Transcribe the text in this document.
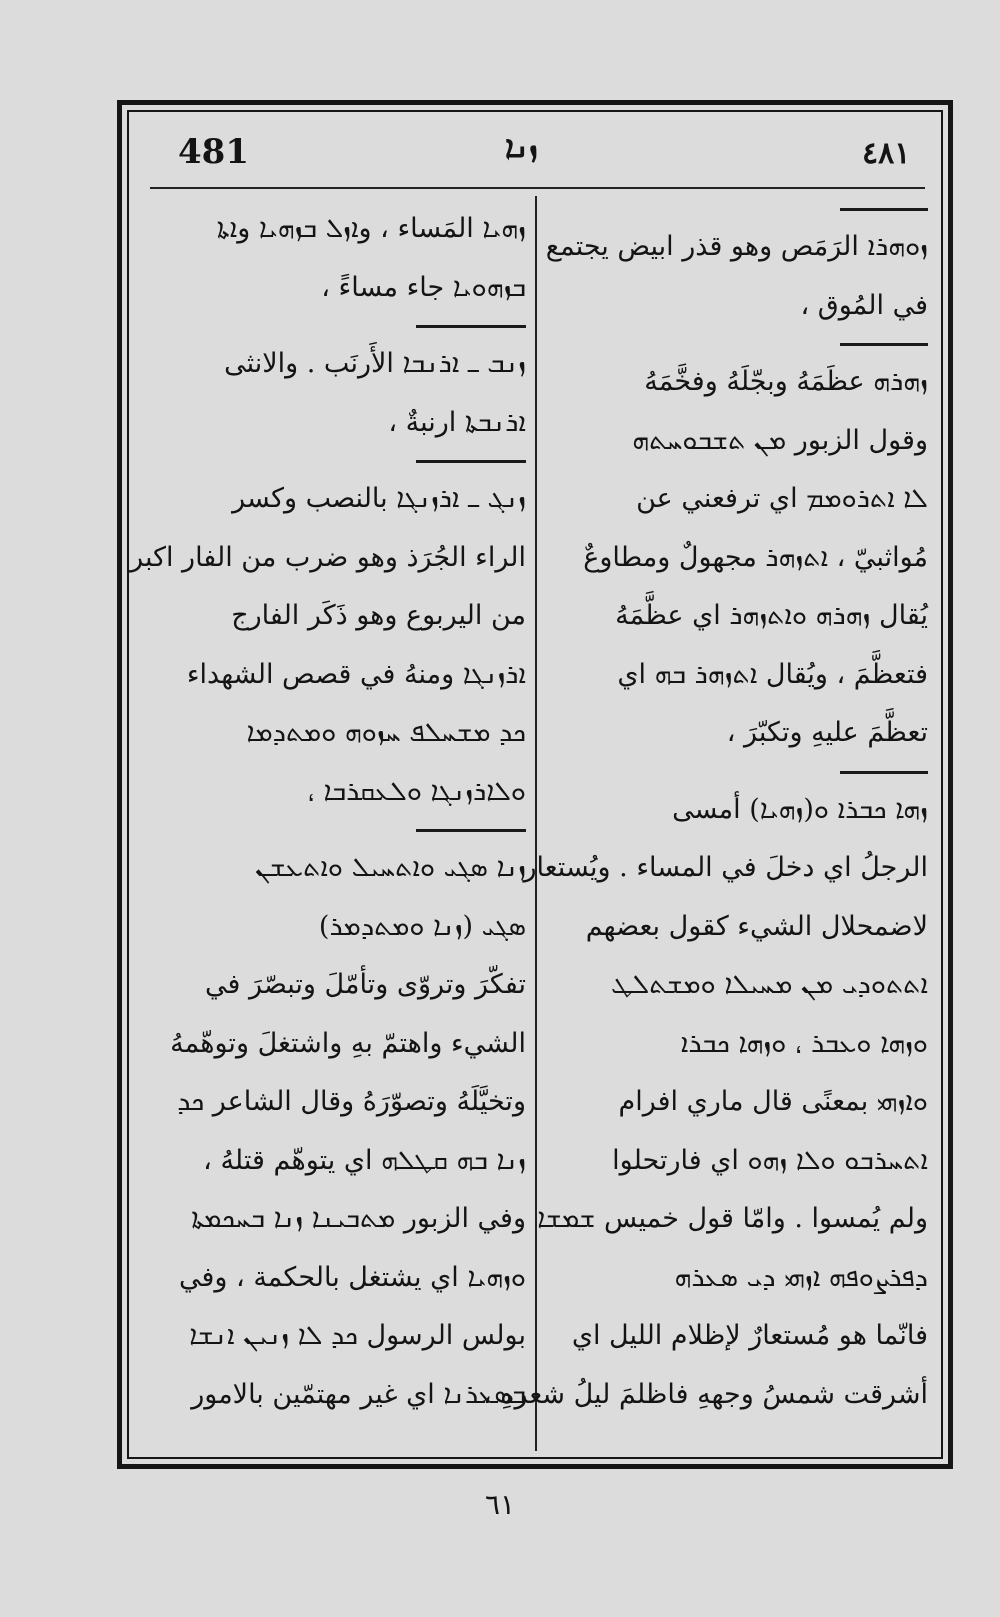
481	ܙܢܐ	٤٨١
ܙܘܗܪܐ الرَمَص وهو قذر ابيض يجتمع
في المُوق ،
ܙܗܪܗ عظَمَهُ وبجّلَهُ وفخَّمَهُ
وقول الزبور ܡܢ ܬܫܒܘܚܬܗ
ܠܐ ܐܬܪܘܡܡ اي ترفعني عن
مُواثبيّ ، ܐܬܙܗܪ مجهولٌ ومطاوعٌ
يُقال ܙܗܪܗ ܘܐܬܙܗܪ اي عظَّمَهُ
فتعظَّمَ ، ويُقال ܐܬܙܗܪ ܒܗ اي
تعظَّمَ عليهِ وتكبّرَ ،
ܙܗܐ ܟܒܪܐ ܘ(ܙܗܝܐ) أمسى
الرجلُ اي دخلَ في المساء . ويُستعار
لاضمحلال الشيء كقول بعضهم
ܐܬܬܘܕܝ ܡܢ ܡܚܝܠܐ ܘܡܫܬܠܛ
ܘܙܗܐ ܘܥܒܪ ، ܘܙܗܐ ܟܒܪܐ
ܘܐܙܗܝ بمعنًى قال ماري افرام
ܐܬܚܪܒܘ ܘܠܐ ܙܗܘ اي فارتحلوا
ولم يُمسوا . وامّا قول خميس ܫܡܫܐ
ܕܦܪܨܘܦܗ ܐܙܗܝ ܕܝ ܣܥܪܗ
فانّما هو مُستعارٌ لإظلام الليل اي
أشرقت شمسُ وجههِ فاظلمَ ليلُ شعرهِ ،
ܙܗܝܐ المَساء ، وܐܙܠ ܒܙܗܝܐ وܐܬܐ
ܒܙܗܘܝܐ جاء مساءً ،
ܙܢܒ ـ ܐܪܢܒܐ الأَرنَب . والانثى
ܐܪܢܒܬܐ ارنبةٌ ،
ܙܢܓ ـ ܐܪܙܢܓܐ بالنصب وكسر
الراء الجُرَذ وهو ضرب من الفار اكبر
من اليربوع وهو ذَكَر الفارج
ܐܪܙܢܓܐ ومنهُ في قصص الشهداء
ܟܕ ܡܫܚܠܦ ܚܙܘܗ ܘܡܬܕܡܐ
ܘܠܐܪܙܢܓܐ ܘܠܥܩܪܒܐ ،
ܙܢܐ ܣܓܝ ܘܐܬܚܝܠ ܘܐܬܥܫܢ
ܣܓܝ (ܙܢܐ ܘܡܬܕܡܪ)
تفكّرَ وتروّى وتأمّلَ وتبصّرَ في
الشيء واهتمّ بهِ واشتغلَ وتوهّمهُ
وتخيَّلَهُ وتصوّرَهُ وقال الشاعر ܟܕ
ܙܢܐ ܒܗ ܩܛܠܗ اي يتوهّم قتلهُ ،
وفي الزبور ܡܬܒܝܢܐ ܙܢܐ ܒܚܟܡܬܐ
ܘܙܗܝܐ اي يشتغل بالحكمة ، وفي
بولس الرسول ܟܕ ܠܐ ܙܢܝܢ ܐܢܫܐ
ܒܣܥܪܢܐ اي غير مهتمّين بالامور
٦١
